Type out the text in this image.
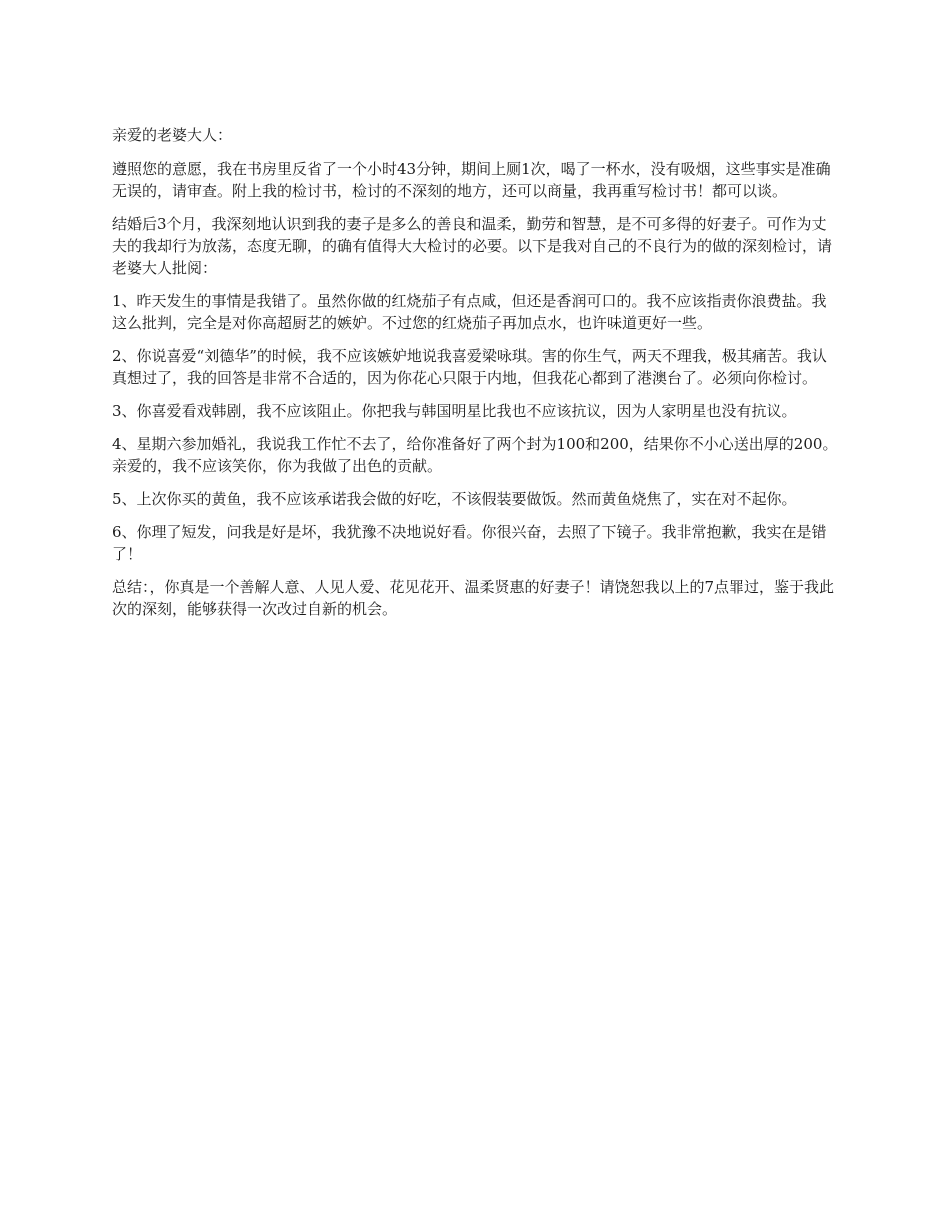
亲爱的老婆大人：

遵照您的意愿，我在书房里反省了一个小时43分钟，期间上厕1次，喝了一杯水，没有吸烟，这些事实是准确无误的，请审查。附上我的检讨书，检讨的不深刻的地方，还可以商量，我再重写检讨书！都可以谈。

结婚后3个月，我深刻地认识到我的妻子是多么的善良和温柔，勤劳和智慧，是不可多得的好妻子。可作为丈夫的我却行为放荡，态度无聊，的确有值得大大检讨的必要。以下是我对自己的不良行为的做的深刻检讨，请老婆大人批阅：

1、昨天发生的事情是我错了。虽然你做的红烧茄子有点咸，但还是香润可口的。我不应该指责你浪费盐。我这么批判，完全是对你高超厨艺的嫉妒。不过您的红烧茄子再加点水，也许味道更好一些。

2、你说喜爱“刘德华”的时候，我不应该嫉妒地说我喜爱梁咏琪。害的你生气，两天不理我，极其痛苦。我认真想过了，我的回答是非常不合适的，因为你花心只限于内地，但我花心都到了港澳台了。必须向你检讨。

3、你喜爱看戏韩剧，我不应该阻止。你把我与韩国明星比我也不应该抗议，因为人家明星也没有抗议。

4、星期六参加婚礼，我说我工作忙不去了，给你准备好了两个封为100和200，结果你不小心送出厚的200。亲爱的，我不应该笑你，你为我做了出色的贡献。

5、上次你买的黄鱼，我不应该承诺我会做的好吃，不该假装要做饭。然而黄鱼烧焦了，实在对不起你。

6、你理了短发，问我是好是坏，我犹豫不决地说好看。你很兴奋，去照了下镜子。我非常抱歉，我实在是错了！

总结：，你真是一个善解人意、人见人爱、花见花开、温柔贤惠的好妻子！请饶恕我以上的7点罪过，鉴于我此次的深刻，能够获得一次改过自新的机会。
